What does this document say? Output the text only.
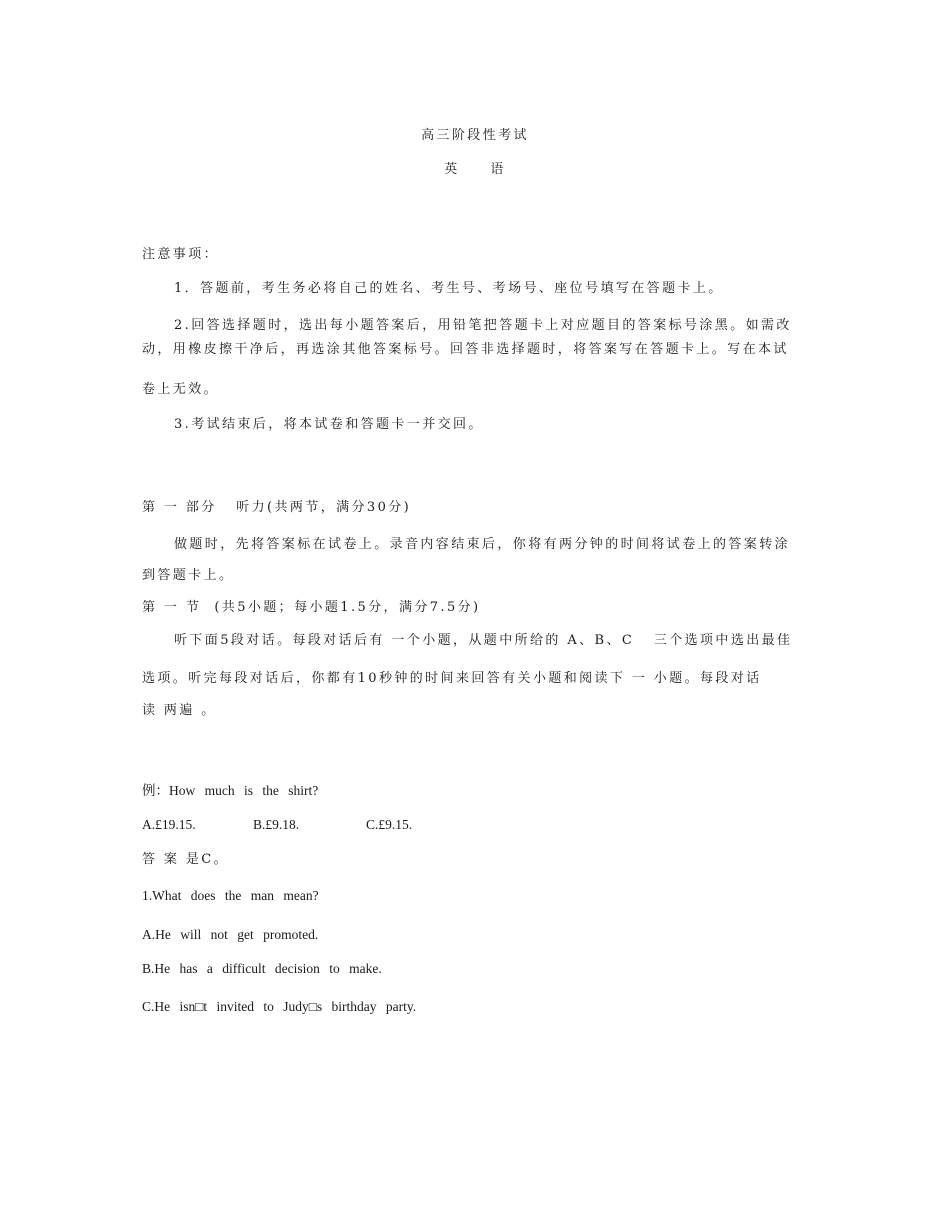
高三阶段性考试
英　　语
注意事项：
1．答题前，考生务必将自己的姓名、考生号、考场号、座位号填写在答题卡上。
2.回答选择题时，选出每小题答案后，用铅笔把答题卡上对应题目的答案标号涂黑。如需改
动，用橡皮擦干净后，再选涂其他答案标号。回答非选择题时，将答案写在答题卡上。写在本试
卷上无效。
3.考试结束后，将本试卷和答题卡一并交回。
第 一 部分   听力(共两节，满分30分)
做题时，先将答案标在试卷上。录音内容结束后，你将有两分钟的时间将试卷上的答案转涂
到答题卡上。
第 一 节  (共5小题；每小题1.5分，满分7.5分)
听下面5段对话。每段对话后有 一个小题，从题中所给的 A、B、C   三个选项中选出最佳
选项。听完每段对话后，你都有10秒钟的时间来回答有关小题和阅读下 一 小题。每段对话
读 两遍 。
例：How much is the shirt?
A.£19.15.	B.£9.18.	C.£9.15.
答 案 是C。
1.What does the man mean?
A.He will not get promoted.
B.He has a difficult decision to make.
C.He isn□t invited to Judy□s birthday party.
